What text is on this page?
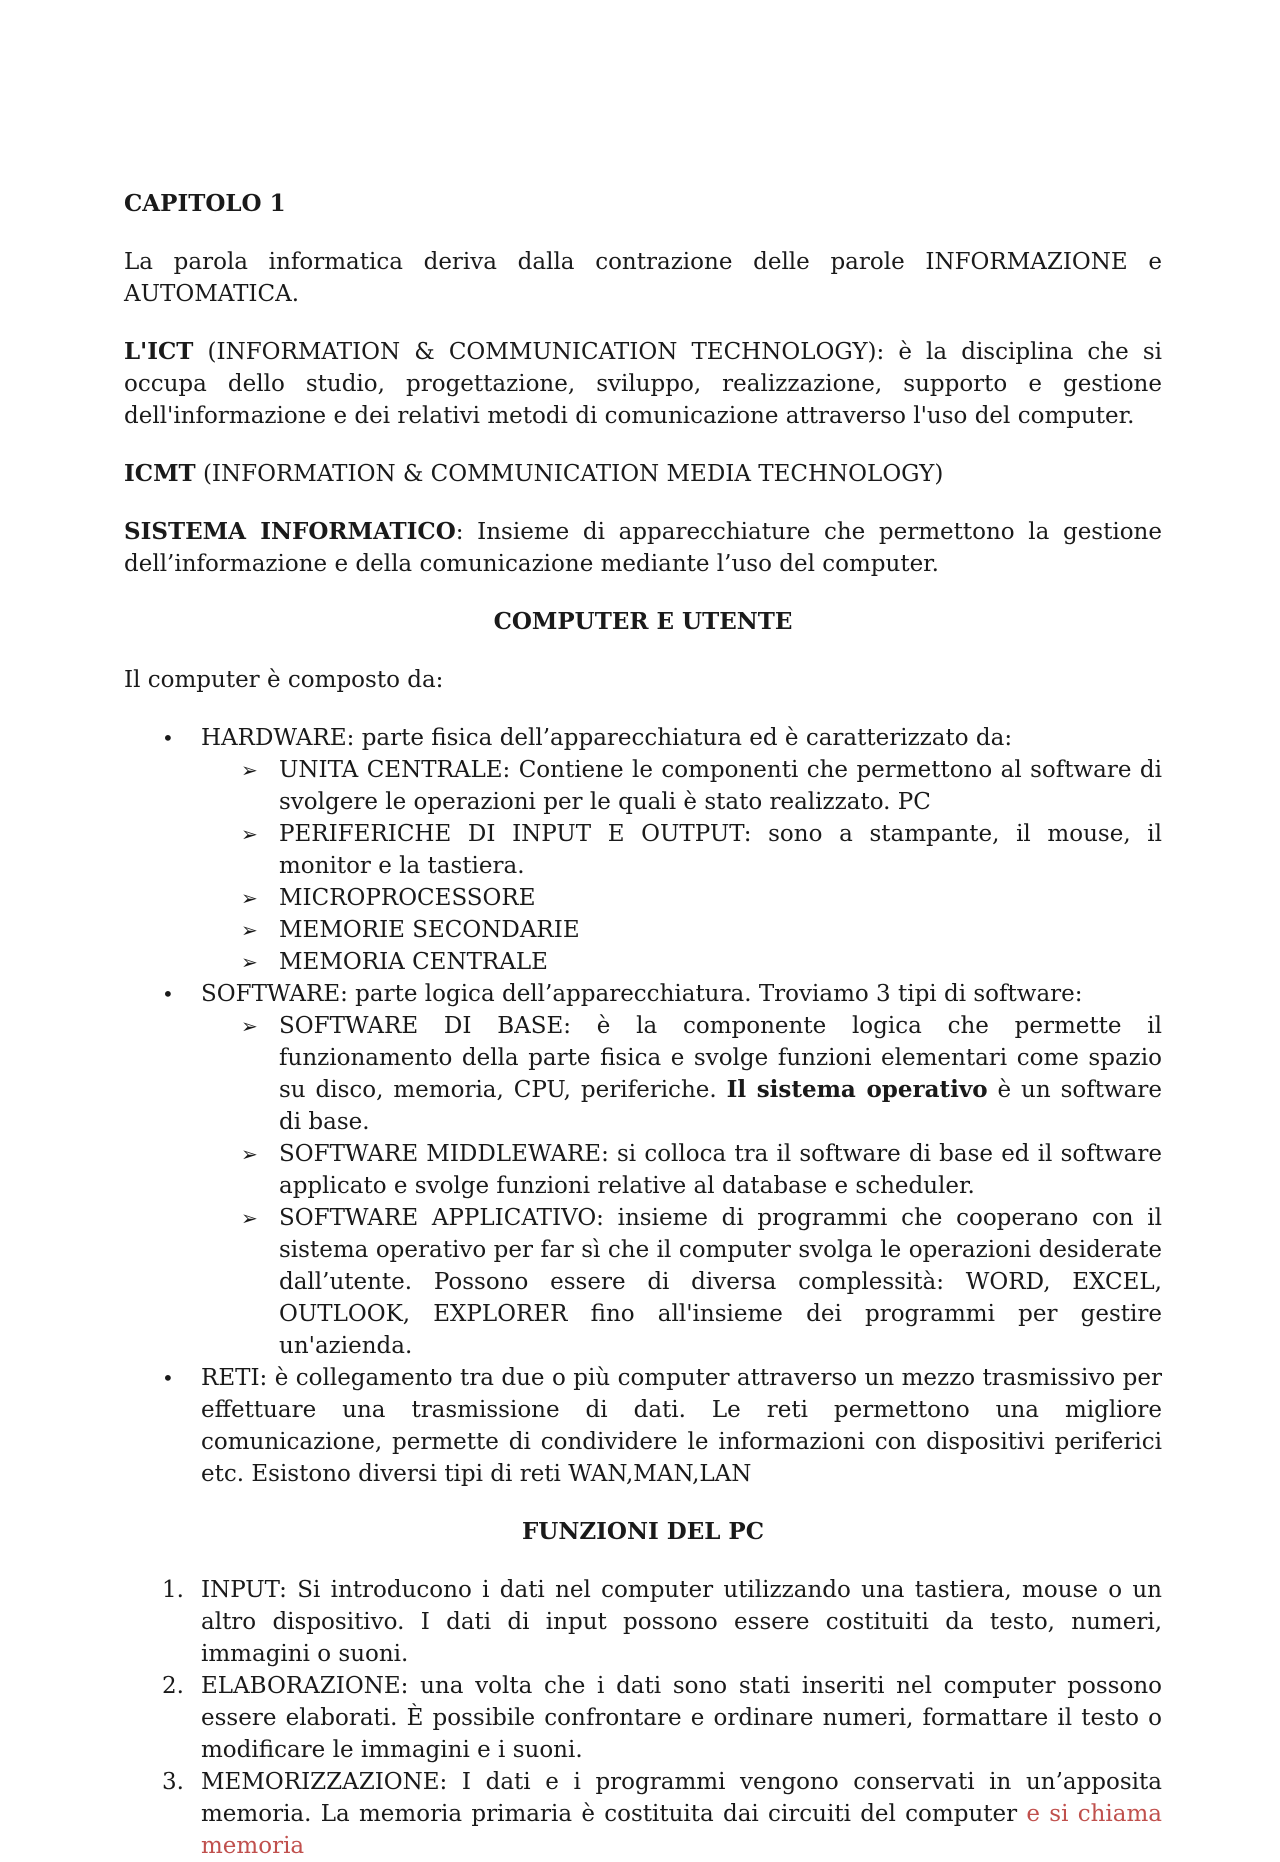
CAPITOLO 1

La parola informatica deriva dalla contrazione delle parole INFORMAZIONE e AUTOMATICA.

L'ICT (INFORMATION & COMMUNICATION TECHNOLOGY): è la disciplina che si occupa dello studio, progettazione, sviluppo, realizzazione, supporto e gestione dell'informazione e dei relativi metodi di comunicazione attraverso l'uso del computer.

ICMT (INFORMATION & COMMUNICATION MEDIA TECHNOLOGY)

SISTEMA INFORMATICO: Insieme di apparecchiature che permettono la gestione dell’informazione e della comunicazione mediante l’uso del computer.

COMPUTER E UTENTE

Il computer è composto da:

• HARDWARE: parte fisica dell’apparecchiatura ed è caratterizzato da:
➢ UNITA CENTRALE: Contiene le componenti che permettono al software di svolgere le operazioni per le quali è stato realizzato. PC
➢ PERIFERICHE DI INPUT E OUTPUT: sono a stampante, il mouse, il monitor e la tastiera.
➢ MICROPROCESSORE
➢ MEMORIE SECONDARIE
➢ MEMORIA CENTRALE
• SOFTWARE: parte logica dell’apparecchiatura. Troviamo 3 tipi di software:
➢ SOFTWARE DI BASE: è la componente logica che permette il funzionamento della parte fisica e svolge funzioni elementari come spazio su disco, memoria, CPU, periferiche. Il sistema operativo è un software di base.
➢ SOFTWARE MIDDLEWARE: si colloca tra il software di base ed il software applicato e svolge funzioni relative al database e scheduler.
➢ SOFTWARE APPLICATIVO: insieme di programmi che cooperano con il sistema operativo per far sì che il computer svolga le operazioni desiderate dall’utente. Possono essere di diversa complessità: WORD, EXCEL, OUTLOOK, EXPLORER fino all'insieme dei programmi per gestire un'azienda.
• RETI: è collegamento tra due o più computer attraverso un mezzo trasmissivo per effettuare una trasmissione di dati. Le reti permettono una migliore comunicazione, permette di condividere le informazioni con dispositivi periferici etc. Esistono diversi tipi di reti WAN,MAN,LAN

FUNZIONI DEL PC

1. INPUT: Si introducono i dati nel computer utilizzando una tastiera, mouse o un altro dispositivo. I dati di input possono essere costituiti da testo, numeri, immagini o suoni.
2. ELABORAZIONE: una volta che i dati sono stati inseriti nel computer possono essere elaborati. È possibile confrontare e ordinare numeri, formattare il testo o modificare le immagini e i suoni.
3. MEMORIZZAZIONE: I dati e i programmi vengono conservati in un’apposita memoria. La memoria primaria è costituita dai circuiti del computer e si chiama memoria
